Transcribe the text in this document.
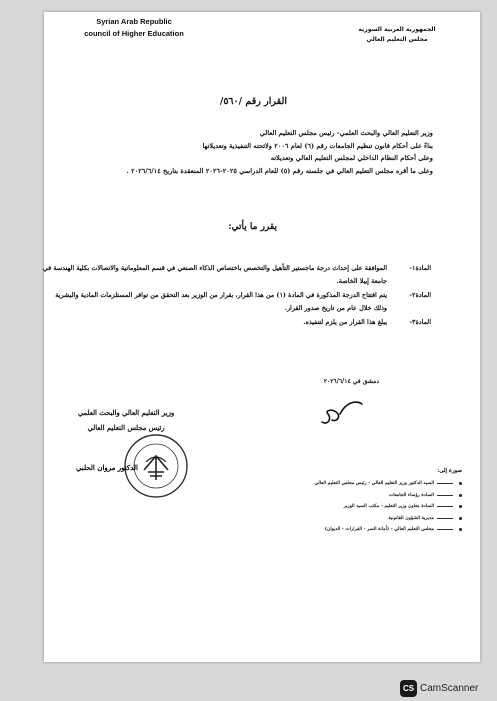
Syrian Arab Republic
council of Higher Education	الجمهورية العربية السورية
مجلس التعليم العالي
القرار رقم /٥٦٠/
وزير التعليم العالي والبحث العلمي- رئيس مجلس التعليم العالي
بناءً على أحكام قانون تنظيم الجامعات رقم (٦) لعام ٢٠٠٦ ولائحته التنفيذية وتعديلاتها
وعلى أحكام النظام الداخلي لمجلس التعليم العالي وتعديلاته
وعلى ما أقره مجلس التعليم العالي في جلسته رقم (٥) للعام الدراسي ٢٠٢٥-٢٠٢٦ المنعقدة بتاريخ ٢٠٢٦/٦/١٤ .
يقرر ما يأتي:
المادة١-
الموافقة على إحداث درجة ماجستير التأهيل والتخصص باختصاص الذكاء الصنعي في قسم المعلوماتية والاتصالات بكلية الهندسة في جامعة إيبلا الخاصة.
المادة٢-
يتم افتتاح الدرجة المذكورة في المادة (١) من هذا القرار، بقرار من الوزير بعد التحقق من توافر المستلزمات المادية والبشرية وذلك خلال عام من تاريخ صدور القرار.
المادة٣-
يبلغ هذا القرار من يلزم لتنفيذه.
دمشق في ٢٠٢٦/٦/١٤
وزير التعليم العالي والبحث العلمي
رئيس مجلس التعليم العالي
الدكتور مروان الحلبي	صورة إلى:
السيد الدكتور وزير التعليم العالي - رئيس مجلس التعليم العالي
السادة رؤساء الجامعات
السادة معاون وزير التعليم - مكتب السيد الوزير
مديرية الشؤون القانونية
مجلس التعليم العالي - (أمانة السر - القرارات - الديوان)
CS CamScanner
